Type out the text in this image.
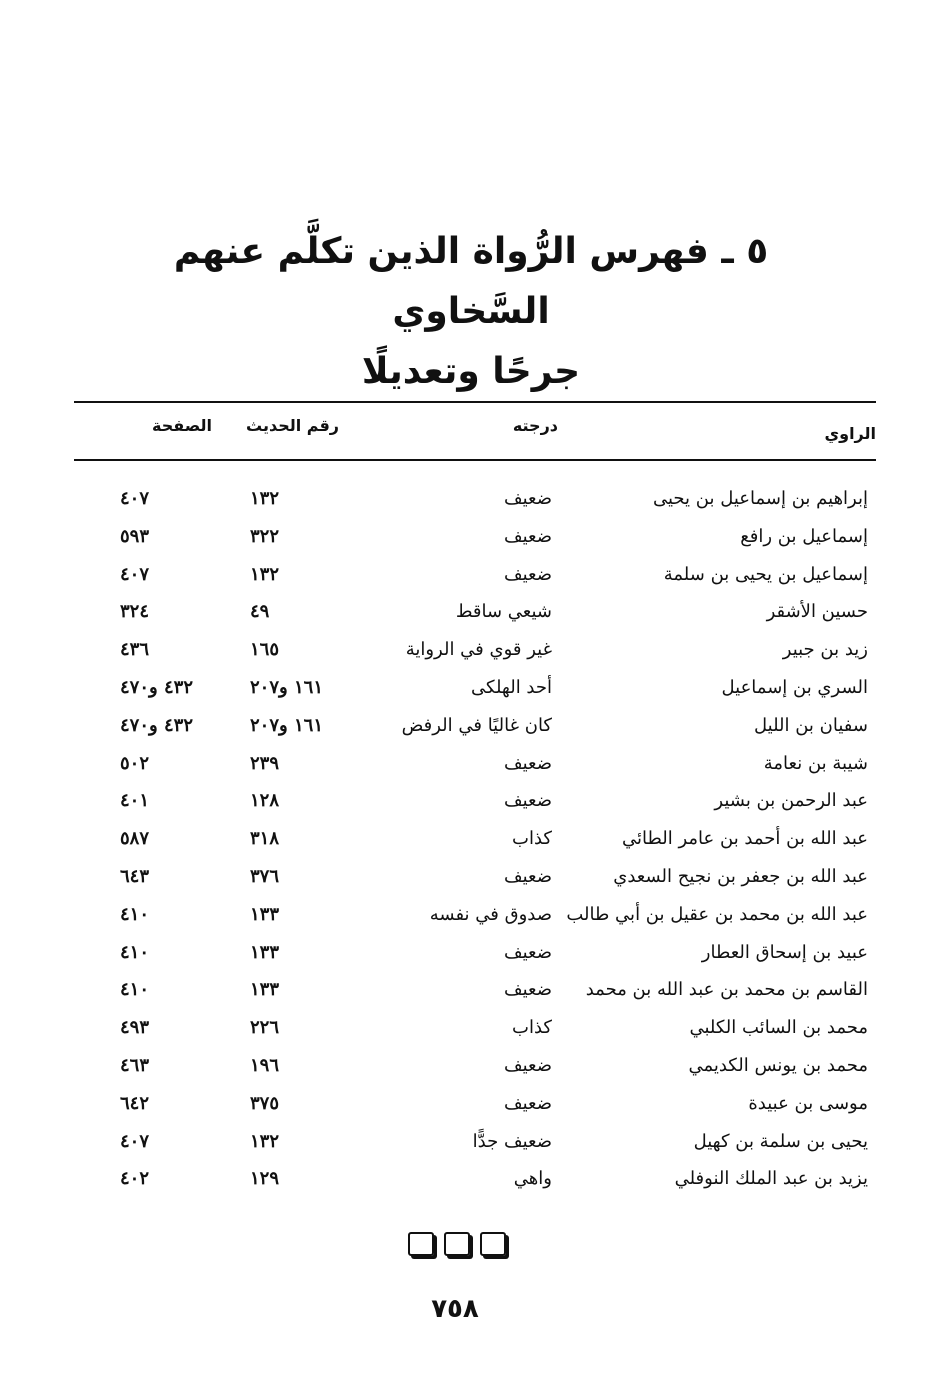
٥ ـ فهرس الرُّواة الذين تكلَّم عنهم السَّخاوي
جرحًا وتعديلًا
الراوي
درجته
رقم الحديث
الصفحة
إبراهيم بن إسماعيل بن يحيى
ضعيف
١٣٢
٤٠٧
إسماعيل بن رافع
ضعيف
٣٢٢
٥٩٣
إسماعيل بن يحيى بن سلمة
ضعيف
١٣٢
٤٠٧
حسين الأشقر
شيعي ساقط
٤٩
٣٢٤
زيد بن جبير
غير قوي في الرواية
١٦٥
٤٣٦
السري بن إسماعيل
أحد الهلكى
١٦١ و٢٠٧
٤٣٢ و٤٧٠
سفيان بن الليل
كان غاليًا في الرفض
١٦١ و٢٠٧
٤٣٢ و٤٧٠
شيبة بن نعامة
ضعيف
٢٣٩
٥٠٢
عبد الرحمن بن بشير
ضعيف
١٢٨
٤٠١
عبد الله بن أحمد بن عامر الطائي
كذاب
٣١٨
٥٨٧
عبد الله بن جعفر بن نجيح السعدي
ضعيف
٣٧٦
٦٤٣
عبد الله بن محمد بن عقيل بن أبي طالب
صدوق في نفسه
١٣٣
٤١٠
عبيد بن إسحاق العطار
ضعيف
١٣٣
٤١٠
القاسم بن محمد بن عبد الله بن محمد
ضعيف
١٣٣
٤١٠
محمد بن السائب الكلبي
كذاب
٢٢٦
٤٩٣
محمد بن يونس الكديمي
ضعيف
١٩٦
٤٦٣
موسى بن عبيدة
ضعيف
٣٧٥
٦٤٢
يحيى بن سلمة بن كهيل
ضعيف جدًّا
١٣٢
٤٠٧
يزيد بن عبد الملك النوفلي
واهي
١٢٩
٤٠٢
٧٥٨
